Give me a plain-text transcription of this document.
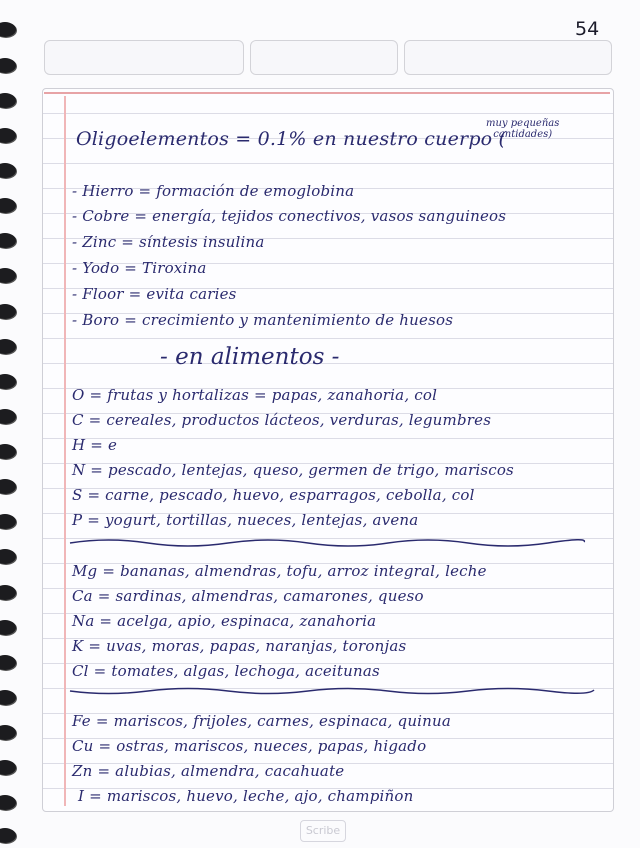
54
Oligoelementos = 0.1% en nuestro cuerpo (
muy pequeñas
cantidades)
- Hierro = formación de emoglobina
- Cobre = energía, tejidos conectivos, vasos sanguineos
- Zinc = síntesis insulina
- Yodo = Tiroxina
- Floor = evita caries
- Boro = crecimiento y mantenimiento de huesos
- en alimentos -
O = frutas y hortalizas = papas, zanahoria, col
C = cereales, productos lácteos, verduras, legumbres
H = e
N = pescado, lentejas, queso, germen de trigo, mariscos
S = carne, pescado, huevo, esparragos, cebolla, col
P = yogurt, tortillas, nueces, lentejas, avena
Mg = bananas, almendras, tofu, arroz integral, leche
Ca = sardinas, almendras, camarones, queso
Na = acelga, apio, espinaca, zanahoria
K = uvas, moras, papas, naranjas, toronjas
Cl = tomates, algas, lechoga, aceitunas
Fe = mariscos, frijoles, carnes, espinaca, quinua
Cu = ostras, mariscos, nueces, papas, higado
Zn = alubias, almendra, cacahuate
I = mariscos, huevo, leche, ajo, champiñon
Scribe
